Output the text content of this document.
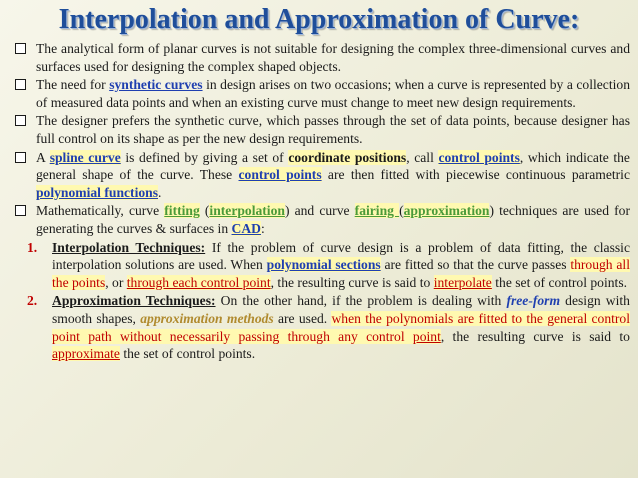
Interpolation and Approximation of Curve:
The analytical form of planar curves is not suitable for designing the complex three-dimensional curves and surfaces used for designing the complex shaped objects.
The need for synthetic curves in design arises on two occasions; when a curve is represented by a collection of measured data points and when an existing curve must change to meet new design requirements.
The designer prefers the synthetic curve, which passes through the set of data points, because designer has full control on its shape as per the new design requirements.
A spline curve is defined by giving a set of coordinate positions, call control points, which indicate the general shape of the curve. These control points are then fitted with piecewise continuous parametric polynomial functions.
Mathematically, curve fitting (interpolation) and curve fairing (approximation) techniques are used for generating the curves & surfaces in CAD:
1. Interpolation Techniques: If the problem of curve design is a problem of data fitting, the classic interpolation solutions are used. When polynomial sections are fitted so that the curve passes through all the points, or through each control point, the resulting curve is said to interpolate the set of control points.
2. Approximation Techniques: On the other hand, if the problem is dealing with free-form design with smooth shapes, approximation methods are used. when the polynomials are fitted to the general control point path without necessarily passing through any control point, the resulting curve is said to approximate the set of control points.
